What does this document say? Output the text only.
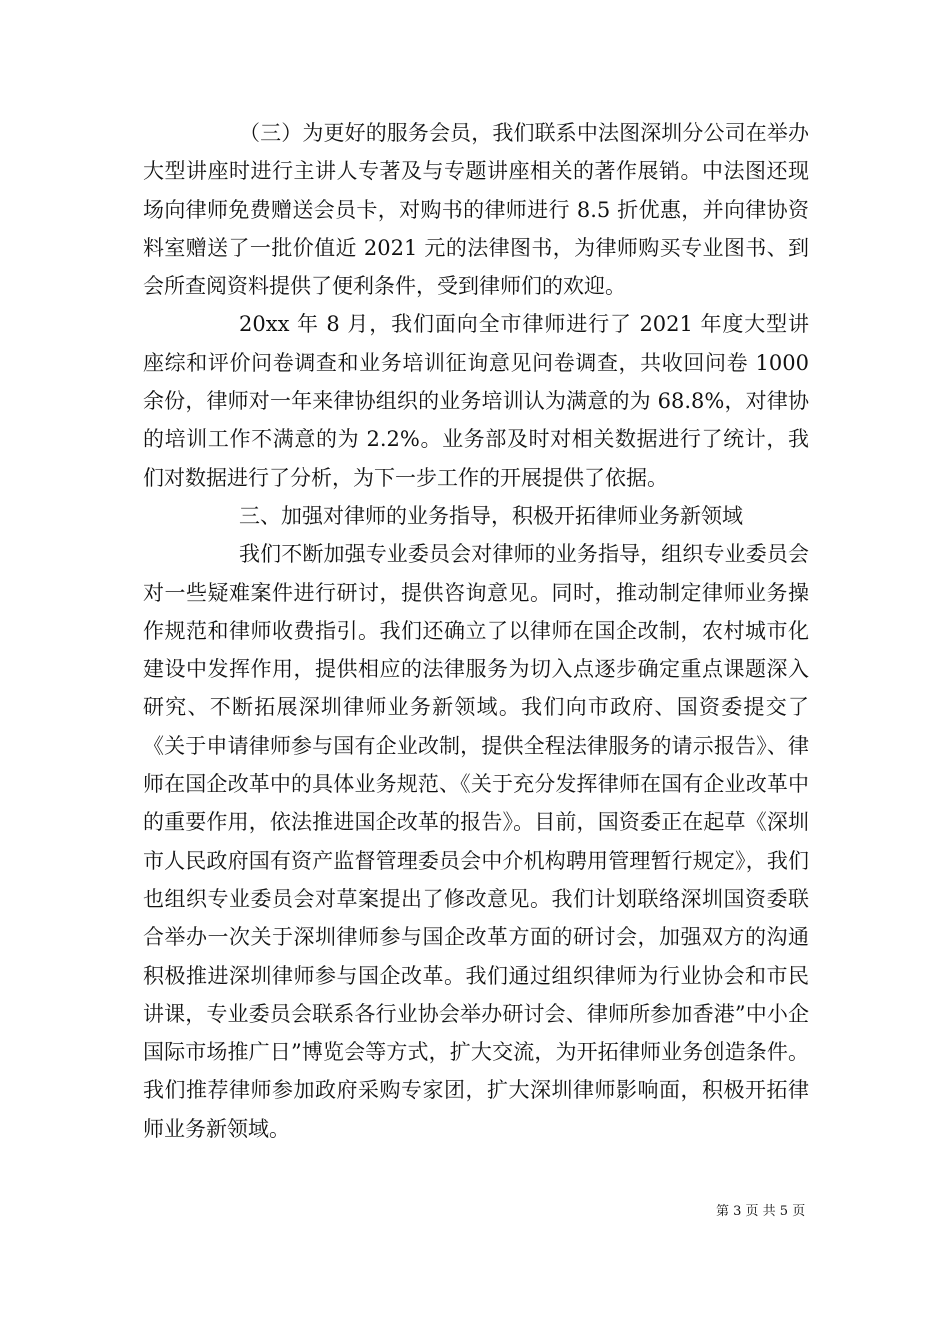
（三）为更好的服务会员，我们联系中法图深圳分公司在举办大型讲座时进行主讲人专著及与专题讲座相关的著作展销。中法图还现场向律师免费赠送会员卡，对购书的律师进行 8.5 折优惠，并向律协资料室赠送了一批价值近 2021 元的法律图书，为律师购买专业图书、到会所查阅资料提供了便利条件，受到律师们的欢迎。

20xx 年 8 月，我们面向全市律师进行了 2021 年度大型讲座综和评价问卷调查和业务培训征询意见问卷调查，共收回问卷 1000 余份，律师对一年来律协组织的业务培训认为满意的为 68.8%，对律协的培训工作不满意的为 2.2%。业务部及时对相关数据进行了统计，我们对数据进行了分析，为下一步工作的开展提供了依据。

三、加强对律师的业务指导，积极开拓律师业务新领域

我们不断加强专业委员会对律师的业务指导，组织专业委员会对一些疑难案件进行研讨，提供咨询意见。同时，推动制定律师业务操作规范和律师收费指引。我们还确立了以律师在国企改制，农村城市化建设中发挥作用，提供相应的法律服务为切入点逐步确定重点课题深入研究、不断拓展深圳律师业务新领域。我们向市政府、国资委提交了《关于申请律师参与国有企业改制，提供全程法律服务的请示报告》、律师在国企改革中的具体业务规范、《关于充分发挥律师在国有企业改革中的重要作用，依法推进国企改革的报告》。目前，国资委正在起草《深圳市人民政府国有资产监督管理委员会中介机构聘用管理暂行规定》，我们也组织专业委员会对草案提出了修改意见。我们计划联络深圳国资委联合举办一次关于深圳律师参与国企改革方面的研讨会，加强双方的沟通积极推进深圳律师参与国企改革。我们通过组织律师为行业协会和市民讲课，专业委员会联系各行业协会举办研讨会、律师所参加香港”中小企国际市场推广日”博览会等方式，扩大交流，为开拓律师业务创造条件。我们推荐律师参加政府采购专家团，扩大深圳律师影响面，积极开拓律师业务新领域。

第 3 页 共 5 页
